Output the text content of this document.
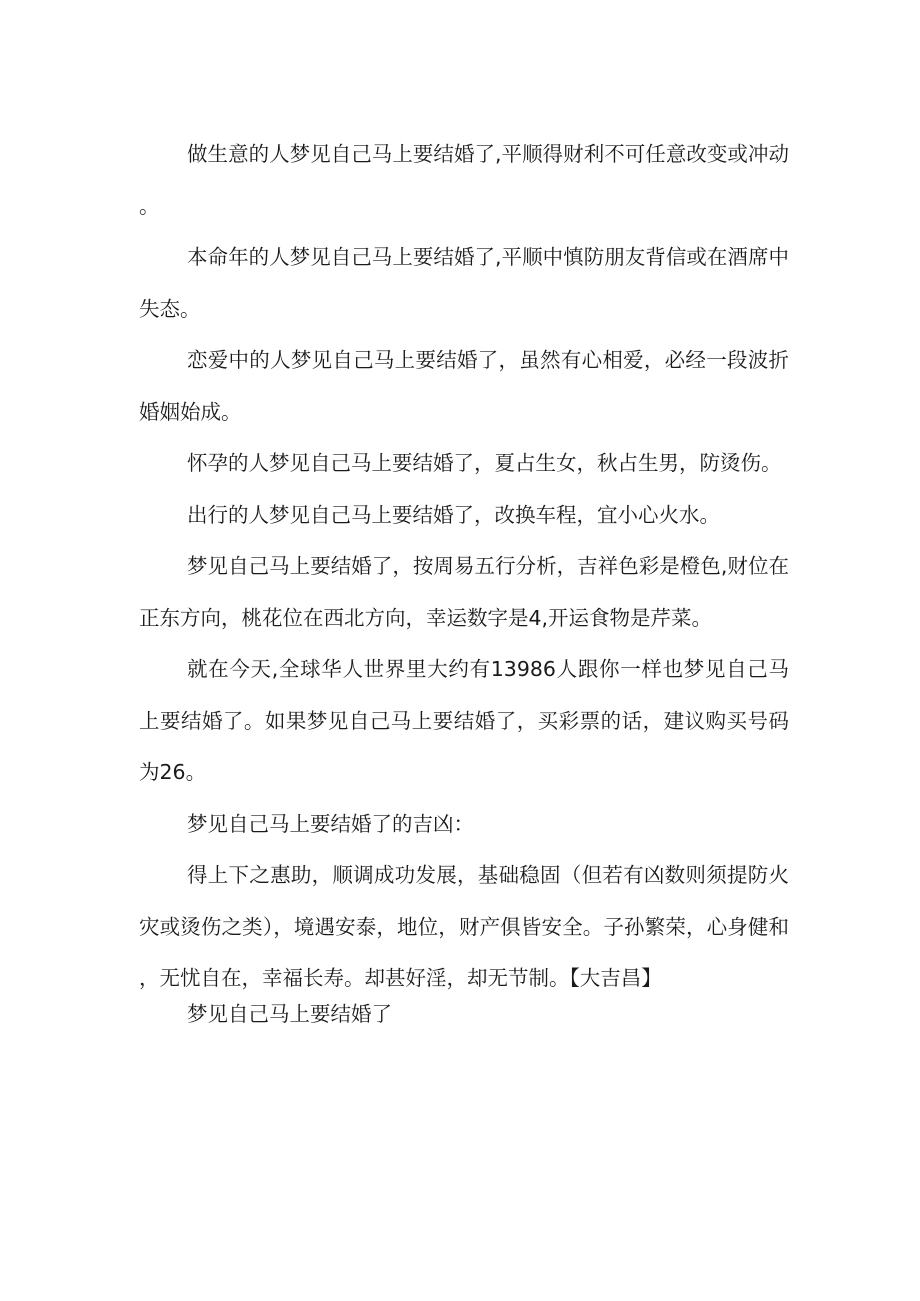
做生意的人梦见自己马上要结婚了,平顺得财利不可任意改变或冲动。

本命年的人梦见自己马上要结婚了,平顺中慎防朋友背信或在酒席中失态。

恋爱中的人梦见自己马上要结婚了，虽然有心相爱，必经一段波折婚姻始成。

怀孕的人梦见自己马上要结婚了，夏占生女，秋占生男，防烫伤。

出行的人梦见自己马上要结婚了，改换车程，宜小心火水。

梦见自己马上要结婚了，按周易五行分析，吉祥色彩是橙色,财位在正东方向，桃花位在西北方向，幸运数字是4,开运食物是芹菜。

就在今天,全球华人世界里大约有13986人跟你一样也梦见自己马上要结婚了。如果梦见自己马上要结婚了，买彩票的话，建议购买号码为26。

梦见自己马上要结婚了的吉凶：

得上下之惠助，顺调成功发展，基础稳固（但若有凶数则须提防火灾或烫伤之类），境遇安泰，地位，财产俱皆安全。子孙繁荣，心身健和，无忧自在，幸福长寿。却甚好淫，却无节制。【大吉昌】

梦见自己马上要结婚了
